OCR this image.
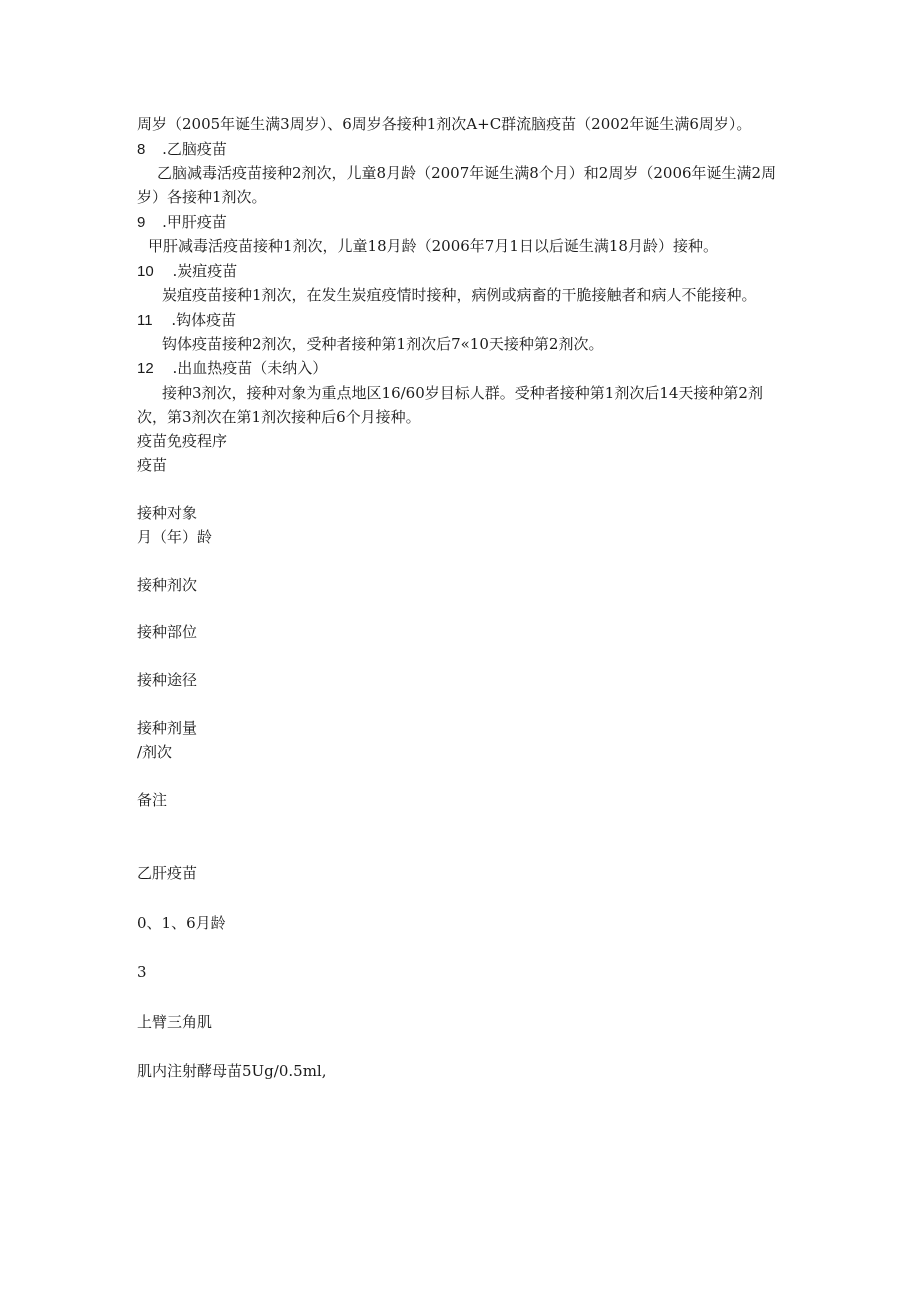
周岁（2005年诞生满3周岁）、6周岁各接种1剂次A+C群流脑疫苗（2002年诞生满6周岁）。
8 .乙脑疫苗
乙脑减毒活疫苗接种2剂次，儿童8月龄（2007年诞生满8个月）和2周岁（2006年诞生满2周
岁）各接种1剂次。
9 .甲肝疫苗
甲肝减毒活疫苗接种1剂次，儿童18月龄（2006年7月1日以后诞生满18月龄）接种。
10 .炭疽疫苗
炭疽疫苗接种1剂次，在发生炭疽疫情时接种，病例或病畜的干脆接触者和病人不能接种。
11 .钩体疫苗
钩体疫苗接种2剂次，受种者接种第1剂次后7«10天接种第2剂次。
12 .出血热疫苗（未纳入）
接种3剂次，接种对象为重点地区16/60岁目标人群。受种者接种第1剂次后14天接种第2剂
次，第3剂次在第1剂次接种后6个月接种。
疫苗免疫程序
疫苗
接种对象
月（年）龄
接种剂次
接种部位
接种途径
接种剂量
/剂次
备注
乙肝疫苗
0、1、6月龄
3
上臂三角肌
肌内注射酵母苗5Ug∕0.5ml,
